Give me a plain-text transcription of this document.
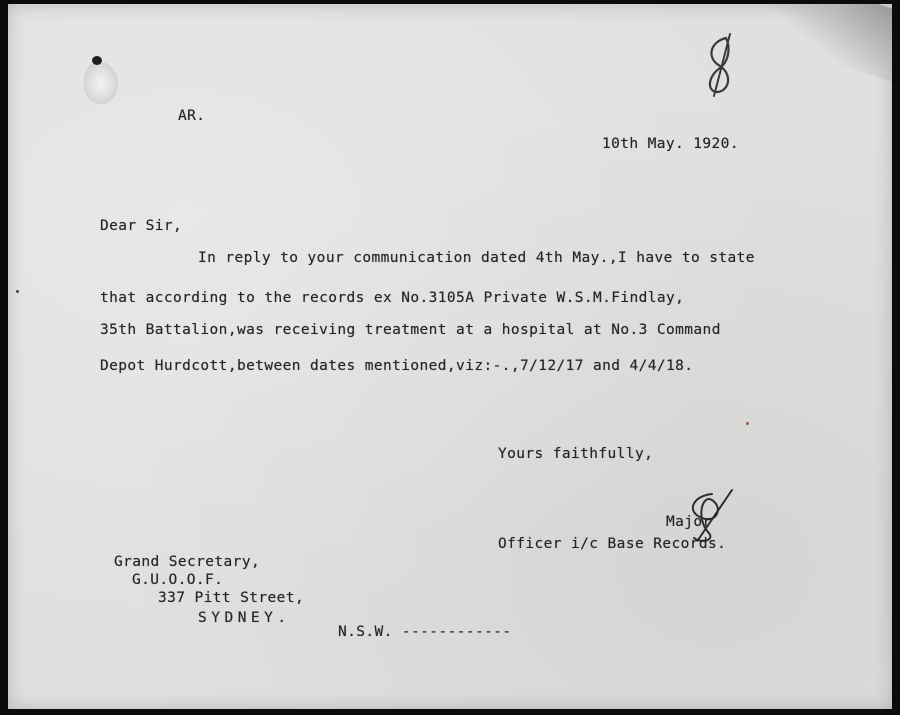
AR.
10th May. 1920.
Dear Sir,
In reply to your communication dated 4th May.,I have to state
that according to the records ex No.3105A Private W.S.M.Findlay,
35th Battalion,was receiving treatment at a hospital at No.3 Command
Depot Hurdcott,between dates mentioned,viz:-.,7/12/17 and 4/4/18.
Yours faithfully,
Major
Officer i/c Base Records.
Grand Secretary,
G.U.O.O.F.
337 Pitt Street,
SYDNEY.
N.S.W. ------------
